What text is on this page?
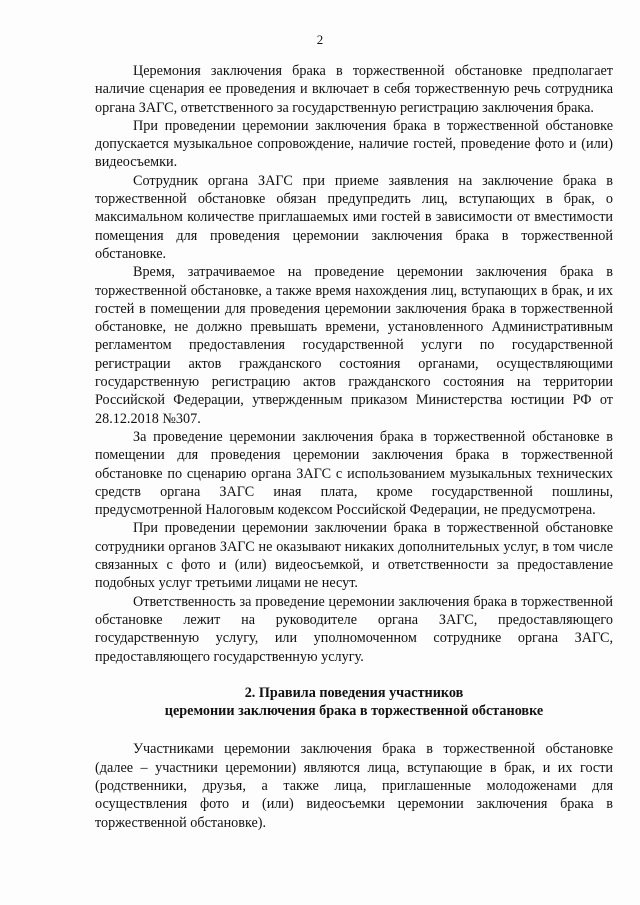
2

Церемония заключения брака в торжественной обстановке предполагает наличие сценария ее проведения и включает в себя торжественную речь сотрудника органа ЗАГС, ответственного за государственную регистрацию заключения брака.

При проведении церемонии заключения брака в торжественной обстановке допускается музыкальное сопровождение, наличие гостей, проведение фото и (или) видеосъемки.

Сотрудник органа ЗАГС при приеме заявления на заключение брака в торжественной обстановке обязан предупредить лиц, вступающих в брак, о максимальном количестве приглашаемых ими гостей в зависимости от вместимости помещения для проведения церемонии заключения брака в торжественной обстановке.

Время, затрачиваемое на проведение церемонии заключения брака в торжественной обстановке, а также время нахождения лиц, вступающих в брак, и их гостей в помещении для проведения церемонии заключения брака в торжественной обстановке, не должно превышать времени, установленного Административным регламентом предоставления государственной услуги по государственной регистрации актов гражданского состояния органами, осуществляющими государственную регистрацию актов гражданского состояния на территории Российской Федерации, утвержденным приказом Министерства юстиции РФ от 28.12.2018 №307.

За проведение церемонии заключения брака в торжественной обстановке в помещении для проведения церемонии заключения брака в торжественной обстановке по сценарию органа ЗАГС с использованием музыкальных технических средств органа ЗАГС иная плата, кроме государственной пошлины, предусмотренной Налоговым кодексом Российской Федерации, не предусмотрена.

При проведении церемонии заключении брака в торжественной обстановке сотрудники органов ЗАГС не оказывают никаких дополнительных услуг, в том числе связанных с фото и (или) видеосъемкой, и ответственности за предоставление подобных услуг третьими лицами не несут.

Ответственность за проведение церемонии заключения брака в торжественной обстановке лежит на руководителе органа ЗАГС, предоставляющего государственную услугу, или уполномоченном сотруднике органа ЗАГС, предоставляющего государственную услугу.

2. Правила поведения участников
церемонии заключения брака в торжественной обстановке

Участниками церемонии заключения брака в торжественной обстановке (далее – участники церемонии) являются лица, вступающие в брак, и их гости (родственники, друзья, а также лица, приглашенные молодоженами для осуществления фото и (или) видеосъемки церемонии заключения брака в торжественной обстановке).
